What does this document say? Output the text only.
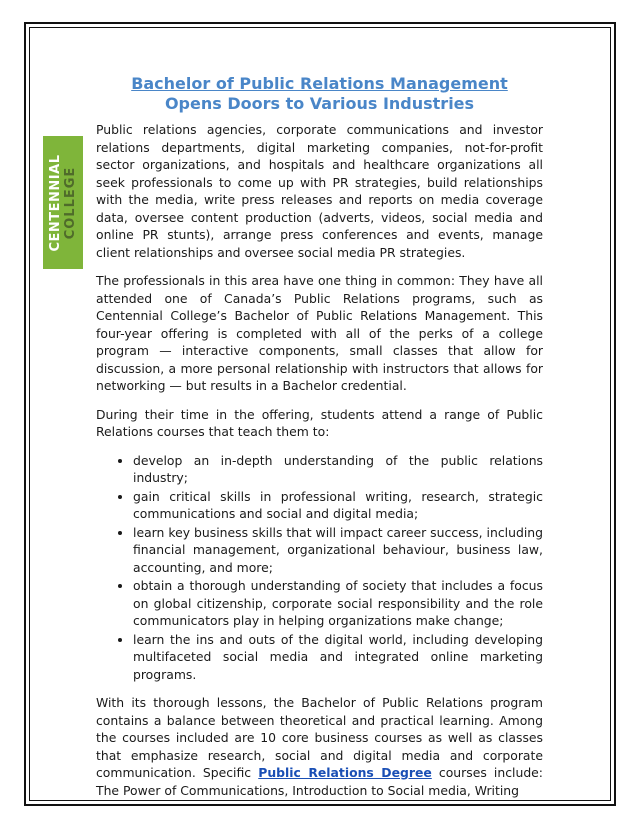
CENTENNIAL COLLEGE
Bachelor of Public Relations Management
Opens Doors to Various Industries

Public relations agencies, corporate communications and investor relations departments, digital marketing companies, not-for-profit sector organizations, and hospitals and healthcare organizations all seek professionals to come up with PR strategies, build relationships with the media, write press releases and reports on media coverage data, oversee content production (adverts, videos, social media and online PR stunts), arrange press conferences and events, manage client relationships and oversee social media PR strategies.

The professionals in this area have one thing in common: They have all attended one of Canada’s Public Relations programs, such as Centennial College’s Bachelor of Public Relations Management. This four-year offering is completed with all of the perks of a college program — interactive components, small classes that allow for discussion, a more personal relationship with instructors that allows for networking — but results in a Bachelor credential.

During their time in the offering, students attend a range of Public Relations courses that teach them to:

• develop an in-depth understanding of the public relations industry;
• gain critical skills in professional writing, research, strategic communications and social and digital media;
• learn key business skills that will impact career success, including financial management, organizational behaviour, business law, accounting, and more;
• obtain a thorough understanding of society that includes a focus on global citizenship, corporate social responsibility and the role communicators play in helping organizations make change;
• learn the ins and outs of the digital world, including developing multifaceted social media and integrated online marketing programs.

With its thorough lessons, the Bachelor of Public Relations program contains a balance between theoretical and practical learning. Among the courses included are 10 core business courses as well as classes that emphasize research, social and digital media and corporate communication. Specific Public Relations Degree courses include: The Power of Communications, Introduction to Social media, Writing
